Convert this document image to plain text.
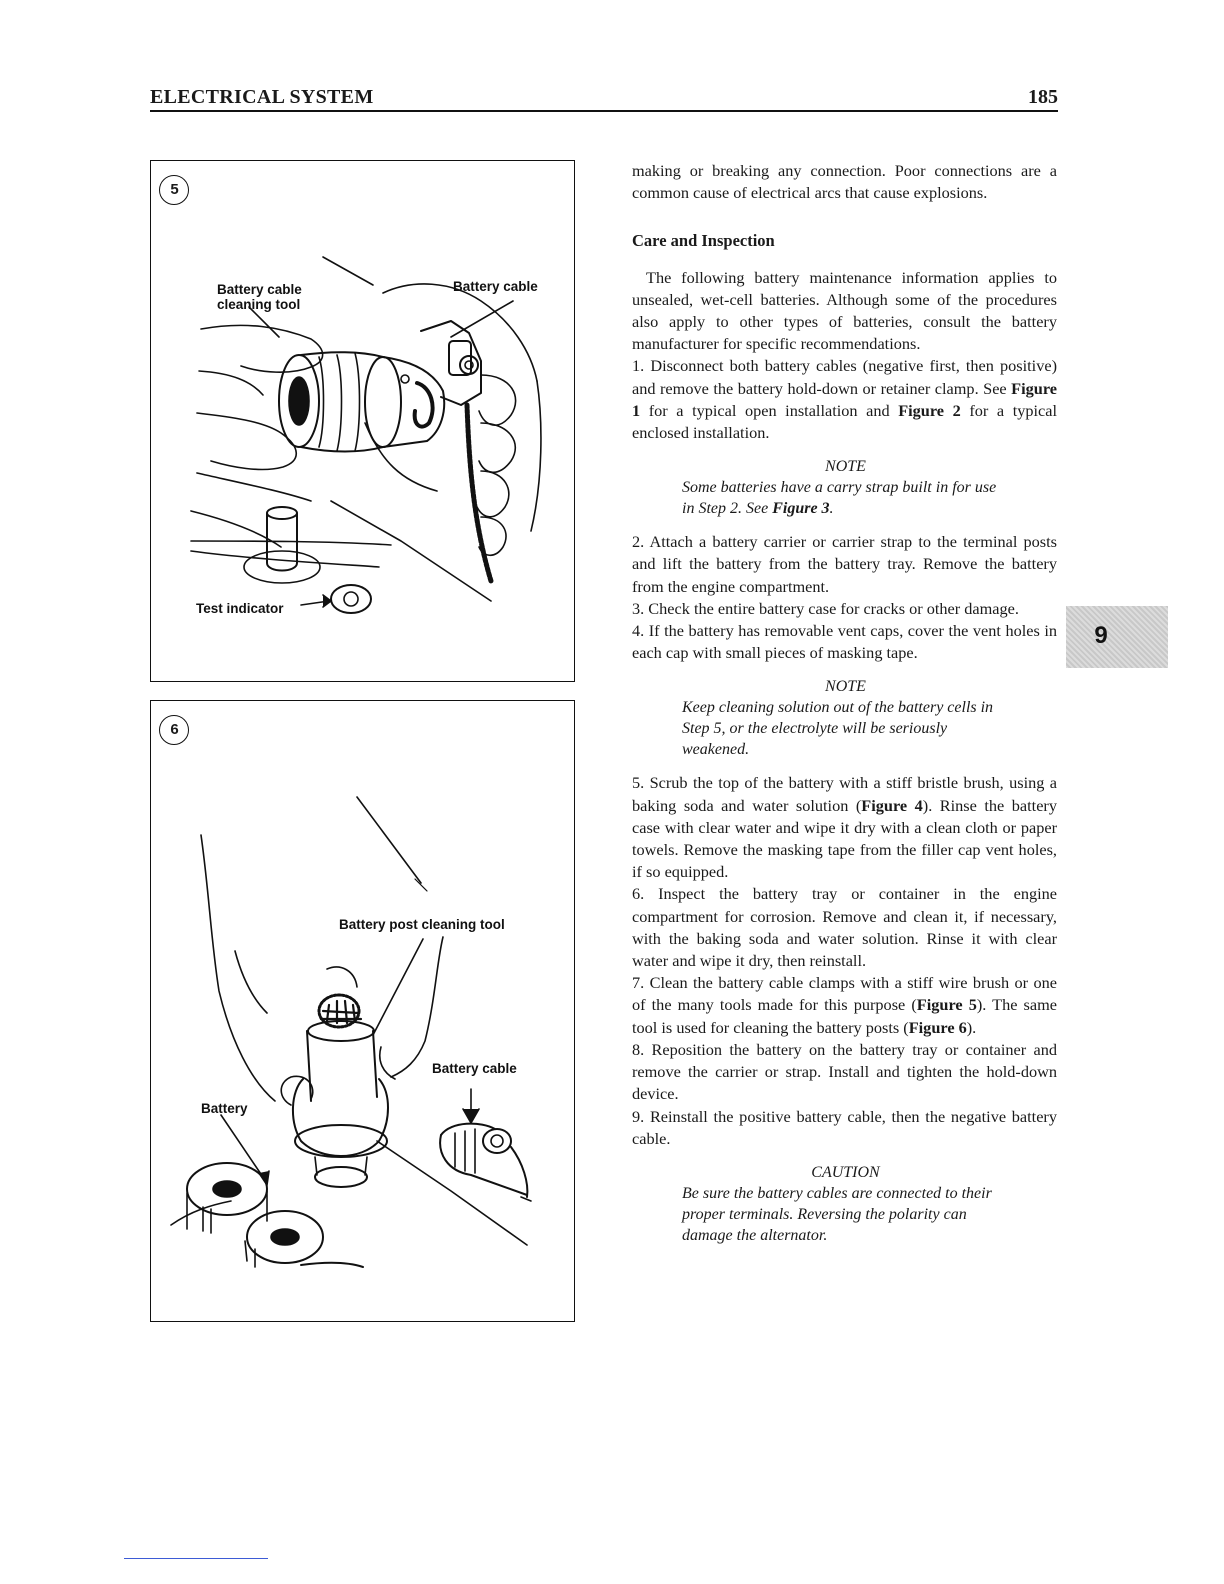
ELECTRICAL SYSTEM	185
5
Battery cable
cleaning tool
Battery cable
Test indicator
6
Battery post cleaning tool
Battery cable
Battery

making or breaking any connection. Poor connections are a common cause of electrical arcs that cause explosions.

Care and Inspection

The following battery maintenance information applies to unsealed, wet-cell batteries. Although some of the procedures also apply to other types of batteries, consult the battery manufacturer for specific recommendations.

1. Disconnect both battery cables (negative first, then positive) and remove the battery hold-down or retainer clamp. See Figure 1 for a typical open installation and Figure 2 for a typical enclosed installation.

NOTE
Some batteries have a carry strap built in for use in Step 2. See Figure 3.

2. Attach a battery carrier or carrier strap to the terminal posts and lift the battery from the battery tray. Remove the battery from the engine compartment.

3. Check the entire battery case for cracks or other damage.

4. If the battery has removable vent caps, cover the vent holes in each cap with small pieces of masking tape.

NOTE
Keep cleaning solution out of the battery cells in Step 5, or the electrolyte will be seriously weakened.

5. Scrub the top of the battery with a stiff bristle brush, using a baking soda and water solution (Figure 4). Rinse the battery case with clear water and wipe it dry with a clean cloth or paper towels. Remove the masking tape from the filler cap vent holes, if so equipped.

6. Inspect the battery tray or container in the engine compartment for corrosion. Remove and clean it, if necessary, with the baking soda and water solution. Rinse it with clear water and wipe it dry, then reinstall.

7. Clean the battery cable clamps with a stiff wire brush or one of the many tools made for this purpose (Figure 5). The same tool is used for cleaning the battery posts (Figure 6).

8. Reposition the battery on the battery tray or container and remove the carrier or strap. Install and tighten the hold-down device.

9. Reinstall the positive battery cable, then the negative battery cable.

CAUTION
Be sure the battery cables are connected to their proper terminals. Reversing the polarity can damage the alternator.
9
